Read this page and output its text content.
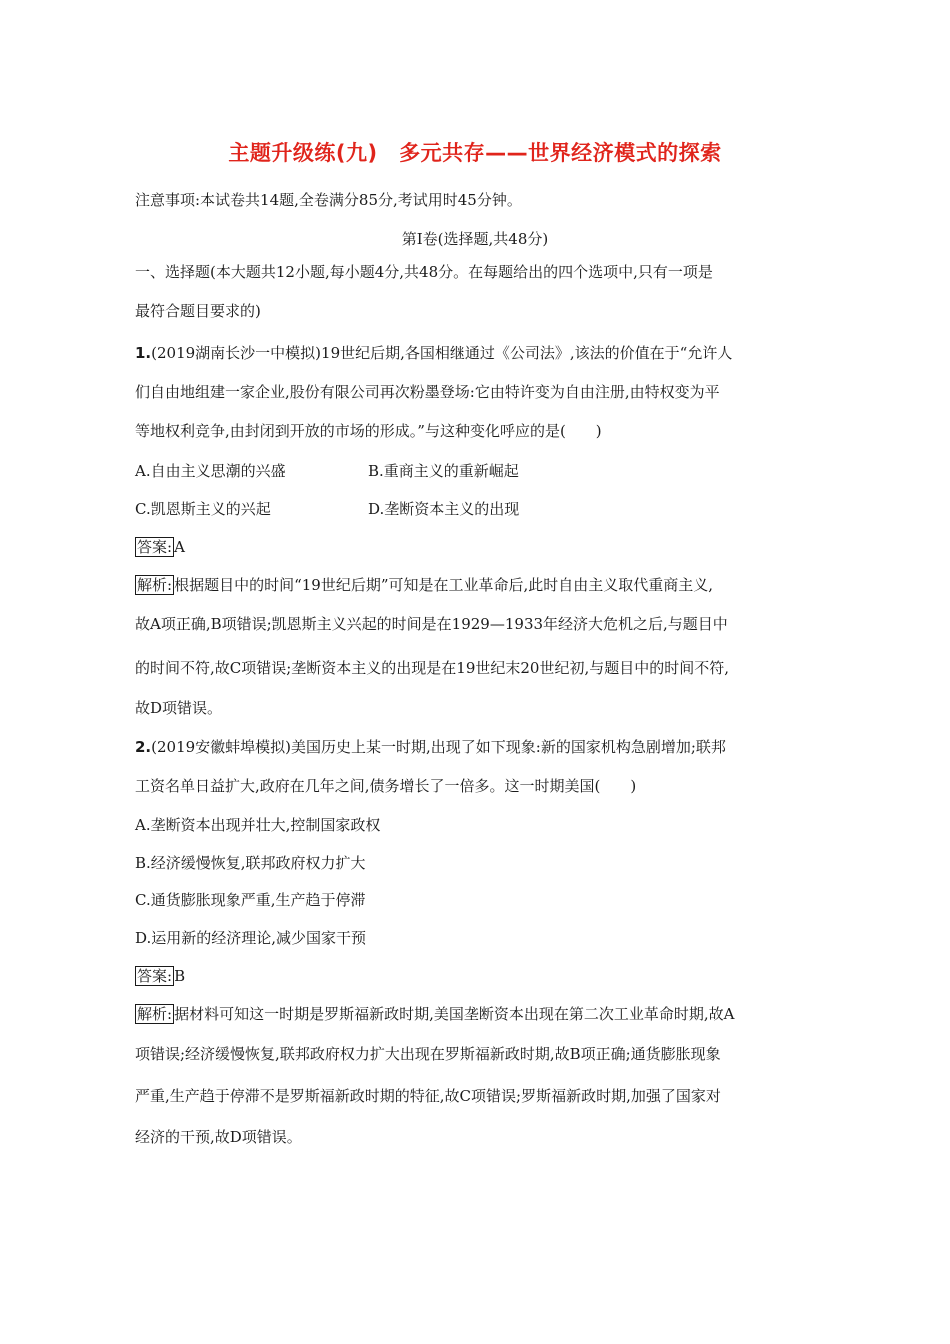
主题升级练(九)　多元共存——世界经济模式的探索
注意事项:本试卷共14题,全卷满分85分,考试用时45分钟。
第Ⅰ卷(选择题,共48分)
一、选择题(本大题共12小题,每小题4分,共48分。在每题给出的四个选项中,只有一项是
最符合题目要求的)
1.(2019湖南长沙一中模拟)19世纪后期,各国相继通过《公司法》,该法的价值在于“允许人
们自由地组建一家企业,股份有限公司再次粉墨登场:它由特许变为自由注册,由特权变为平
等地权利竞争,由封闭到开放的市场的形成。”与这种变化呼应的是(　　)
A.自由主义思潮的兴盛	B.重商主义的重新崛起
C.凯恩斯主义的兴起	D.垄断资本主义的出现
答案: A
解析: 根据题目中的时间“19世纪后期”可知是在工业革命后,此时自由主义取代重商主义,
故A项正确,B项错误;凯恩斯主义兴起的时间是在1929—1933年经济大危机之后,与题目中
的时间不符,故C项错误;垄断资本主义的出现是在19世纪末20世纪初,与题目中的时间不符,
故D项错误。
2.(2019安徽蚌埠模拟)美国历史上某一时期,出现了如下现象:新的国家机构急剧增加;联邦
工资名单日益扩大,政府在几年之间,债务增长了一倍多。这一时期美国(　　)
A.垄断资本出现并壮大,控制国家政权
B.经济缓慢恢复,联邦政府权力扩大
C.通货膨胀现象严重,生产趋于停滞
D.运用新的经济理论,减少国家干预
答案: B
解析: 据材料可知这一时期是罗斯福新政时期,美国垄断资本出现在第二次工业革命时期,故A
项错误;经济缓慢恢复,联邦政府权力扩大出现在罗斯福新政时期,故B项正确;通货膨胀现象
严重,生产趋于停滞不是罗斯福新政时期的特征,故C项错误;罗斯福新政时期,加强了国家对
经济的干预,故D项错误。
